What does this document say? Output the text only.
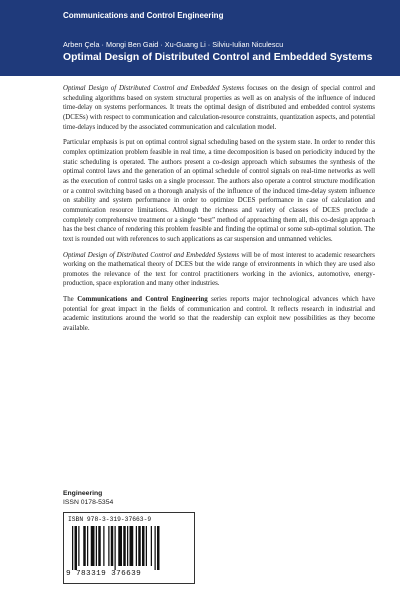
Communications and Control Engineering
Arben Çela · Mongi Ben Gaid · Xu-Guang Li · Silviu-Iulian Niculescu
Optimal Design of Distributed Control and Embedded Systems

Optimal Design of Distributed Control and Embedded Systems focuses on the design of special control and scheduling algorithms based on system structural properties as well as on analysis of the influence of induced time-delay on systems performances. It treats the optimal design of distributed and embedded control systems (DCESs) with respect to communication and calculation-resource constraints, quantization aspects, and potential time-delays induced by the associated communication and calculation model.

Particular emphasis is put on optimal control signal scheduling based on the system state. In order to render this complex optimization problem feasible in real time, a time decomposition is based on periodicity induced by the static scheduling is operated. The authors present a co-design approach which subsumes the synthesis of the optimal control laws and the generation of an optimal schedule of control signals on real-time networks as well as the execution of control tasks on a single processor. The authors also operate a control structure modification or a control switching based on a thorough analysis of the influence of the induced time-delay system influence on stability and system performance in order to optimize DCES performance in case of calculation and communication resource limitations. Although the richness and variety of classes of DCES preclude a completely comprehensive treatment or a single “best” method of approaching them all, this co-design approach has the best chance of rendering this problem feasible and finding the optimal or some sub-optimal solution. The text is rounded out with references to such applications as car suspension and unmanned vehicles.

Optimal Design of Distributed Control and Embedded Systems will be of most interest to academic researchers working on the mathematical theory of DCES but the wide range of environments in which they are used also promotes the relevance of the text for control practitioners working in the avionics, automotive, energy-production, space exploration and many other industries.

The Communications and Control Engineering series reports major technological advances which have potential for great impact in the fields of communication and control. It reflects research in industrial and academic institutions around the world so that the readership can exploit new possibilities as they become available.

Engineering
ISSN 0178-5354
ISBN 978-3-319-37663-9
9 783319 376639
► springer.com
